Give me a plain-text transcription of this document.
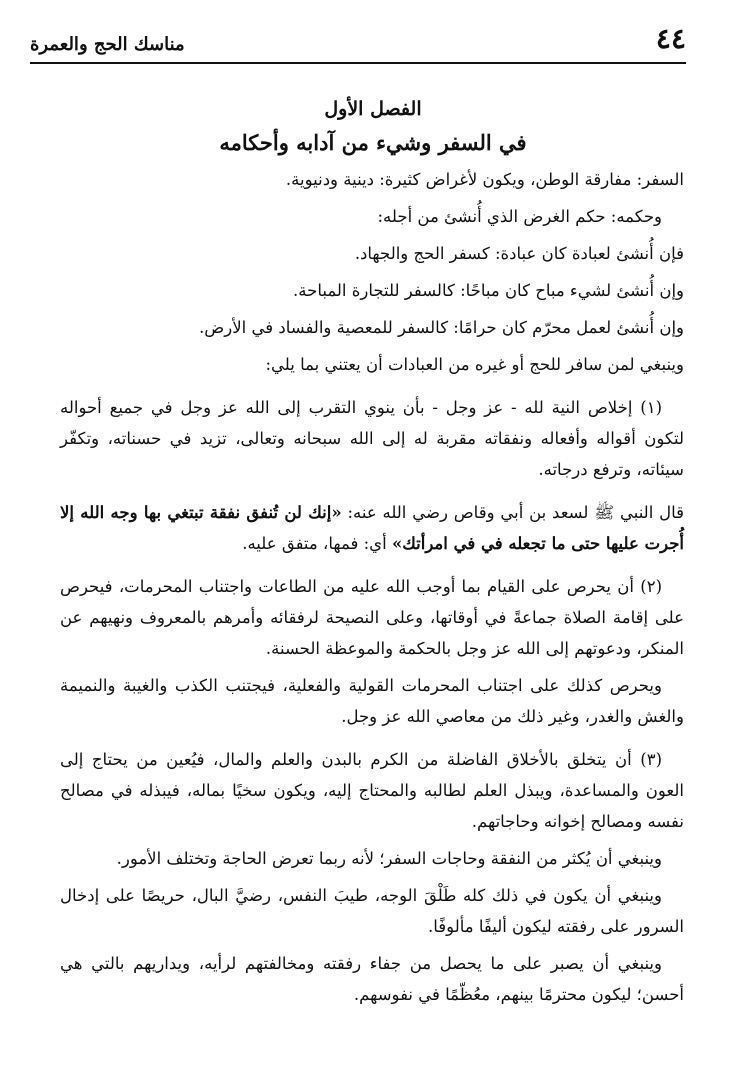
٤٤
مناسك الحج والعمرة
الفصل الأول
في السفر وشيء من آدابه وأحكامه

السفر: مفارقة الوطن، ويكون لأغراض كثيرة: دينية ودنيوية.

وحكمه: حكم الغرض الذي أُنشئ من أجله:

فإن أُنشئ لعبادة كان عبادة: كسفر الحج والجهاد.

وإن أُنشئ لشيء مباح كان مباحًا: كالسفر للتجارة المباحة.

وإن أُنشئ لعمل محرّم كان حرامًا: كالسفر للمعصية والفساد في الأرض.

وينبغي لمن سافر للحج أو غيره من العبادات أن يعتني بما يلي:

(١) إخلاص النية لله - عز وجل - بأن ينوي التقرب إلى الله عز وجل في جميع أحواله لتكون أقواله وأفعاله ونفقاته مقربة له إلى الله سبحانه وتعالى، تزيد في حسناته، وتكفّر سيئاته، وترفع درجاته.

قال النبي ﷺ لسعد بن أبي وقاص رضي الله عنه: «إنك لن تُنفق نفقة تبتغي بها وجه الله إلا أُجرت عليها حتى ما تجعله في في امرأتك» أي: فمها، متفق عليه.

(٢) أن يحرص على القيام بما أوجب الله عليه من الطاعات واجتناب المحرمات، فيحرص على إقامة الصلاة جماعةً في أوقاتها، وعلى النصيحة لرفقائه وأمرهم بالمعروف ونهيهم عن المنكر، ودعوتهم إلى الله عز وجل بالحكمة والموعظة الحسنة.

ويحرص كذلك على اجتناب المحرمات القولية والفعلية، فيجتنب الكذب والغيبة والنميمة والغش والغدر، وغير ذلك من معاصي الله عز وجل.

(٣) أن يتخلق بالأخلاق الفاضلة من الكرم بالبدن والعلم والمال، فيُعين من يحتاج إلى العون والمساعدة، ويبذل العلم لطالبه والمحتاج إليه، ويكون سخيًا بماله، فيبذله في مصالح نفسه ومصالح إخوانه وحاجاتهم.

وينبغي أن يُكثر من النفقة وحاجات السفر؛ لأنه ربما تعرض الحاجة وتختلف الأمور.

وينبغي أن يكون في ذلك كله طَلْقَ الوجه، طيبَ النفس، رضيَّ البال، حريصًا على إدخال السرور على رفقته ليكون أليفًا مألوفًا.

وينبغي أن يصبر على ما يحصل من جفاء رفقته ومخالفتهم لرأيه، ويداريهم بالتي هي أحسن؛ ليكون محترمًا بينهم، معُظّمًا في نفوسهم.
